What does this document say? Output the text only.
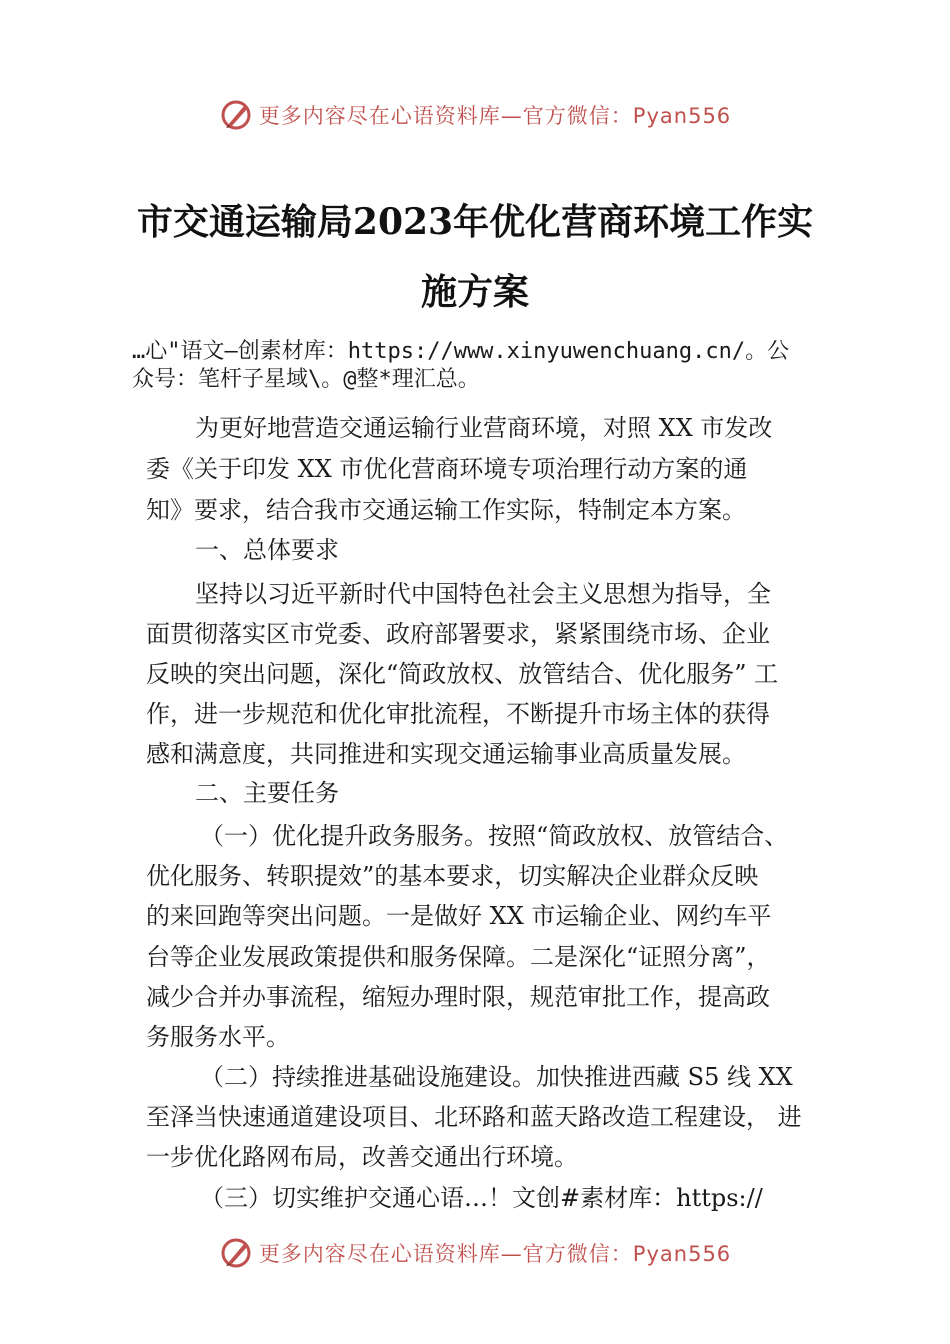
更多内容尽在心语资料库—官方微信：Pyan556
市交通运输局2023年优化营商环境工作实
施方案
…心"语文—创素材库：https://www.xinyuwenchuang.cn/。公
众号：笔杆子星域\。@整*理汇总。
为更好地营造交通运输行业营商环境，对照 XX 市发改
委《关于印发 XX 市优化营商环境专项治理行动方案的通
知》要求，结合我市交通运输工作实际，特制定本方案。
一、总体要求
坚持以习近平新时代中国特色社会主义思想为指导，全
面贯彻落实区市党委、政府部署要求，紧紧围绕市场、企业
反映的突出问题，深化“简政放权、放管结合、优化服务” 工
作，进一步规范和优化审批流程，不断提升市场主体的获得
感和满意度，共同推进和实现交通运输事业高质量发展。
二、主要任务
（一）优化提升政务服务。按照“简政放权、放管结合、
优化服务、转职提效”的基本要求，切实解决企业群众反映
的来回跑等突出问题。一是做好 XX 市运输企业、网约车平
台等企业发展政策提供和服务保障。二是深化“证照分离”，
减少合并办事流程，缩短办理时限，规范审批工作，提高政
务服务水平。
（二）持续推进基础设施建设。加快推进西藏 S5 线 XX
至泽当快速通道建设项目、北环路和蓝天路改造工程建设， 进
一步优化路网布局，改善交通出行环境。
（三）切实维护交通心语…！文创#素材库：https://
更多内容尽在心语资料库—官方微信：Pyan556
